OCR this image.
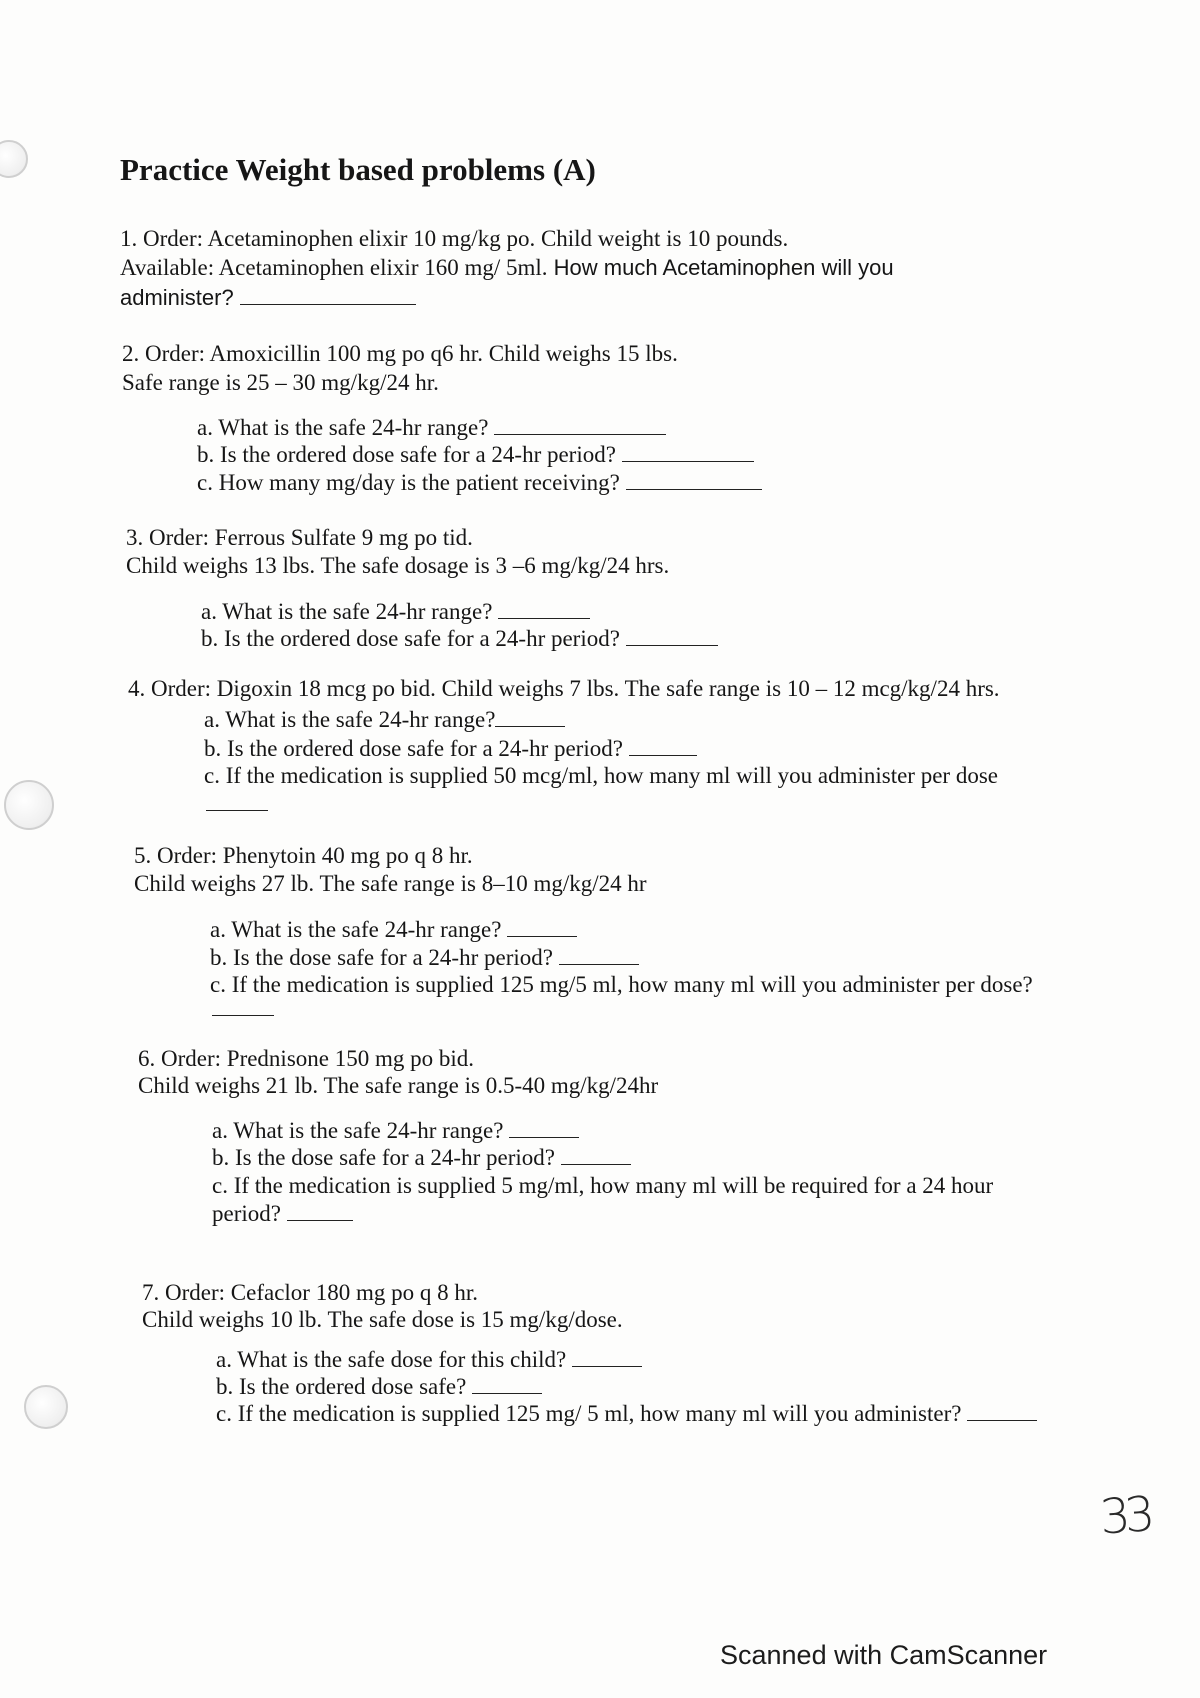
Practice Weight based problems (A)
1. Order: Acetaminophen elixir 10 mg/kg po. Child weight is 10 pounds.
Available: Acetaminophen elixir 160 mg/ 5ml. How much Acetaminophen will you
administer?
2. Order: Amoxicillin 100 mg po q6 hr. Child weighs 15 lbs.
Safe range is 25 – 30 mg/kg/24 hr.
a. What is the safe 24-hr range?
b. Is the ordered dose safe for a 24-hr period?
c. How many mg/day is the patient receiving?
3. Order: Ferrous Sulfate 9 mg po tid.
Child weighs 13 lbs. The safe dosage is 3 –6 mg/kg/24 hrs.
a. What is the safe 24-hr range?
b. Is the ordered dose safe for a 24-hr period?
4. Order: Digoxin 18 mcg po bid. Child weighs 7 lbs. The safe range is 10 – 12 mcg/kg/24 hrs.
a. What is the safe 24-hr range?
b. Is the ordered dose safe for a 24-hr period?
c. If the medication is supplied 50 mcg/ml, how many ml will you administer per dose
5. Order: Phenytoin 40 mg po q 8 hr.
Child weighs 27 lb. The safe range is 8–10 mg/kg/24 hr
a. What is the safe 24-hr range?
b. Is the dose safe for a 24-hr period?
c. If the medication is supplied 125 mg/5 ml, how many ml will you administer per dose?
6. Order: Prednisone 150 mg po bid.
Child weighs 21 lb. The safe range is 0.5-40 mg/kg/24hr
a. What is the safe 24-hr range?
b. Is the dose safe for a 24-hr period?
c. If the medication is supplied 5 mg/ml, how many ml will be required for a 24 hour
period?
7. Order: Cefaclor 180 mg po q 8 hr.
Child weighs 10 lb. The safe dose is 15 mg/kg/dose.
a. What is the safe dose for this child?
b. Is the ordered dose safe?
c. If the medication is supplied 125 mg/ 5 ml, how many ml will you administer?
33
Scanned with CamScanner
